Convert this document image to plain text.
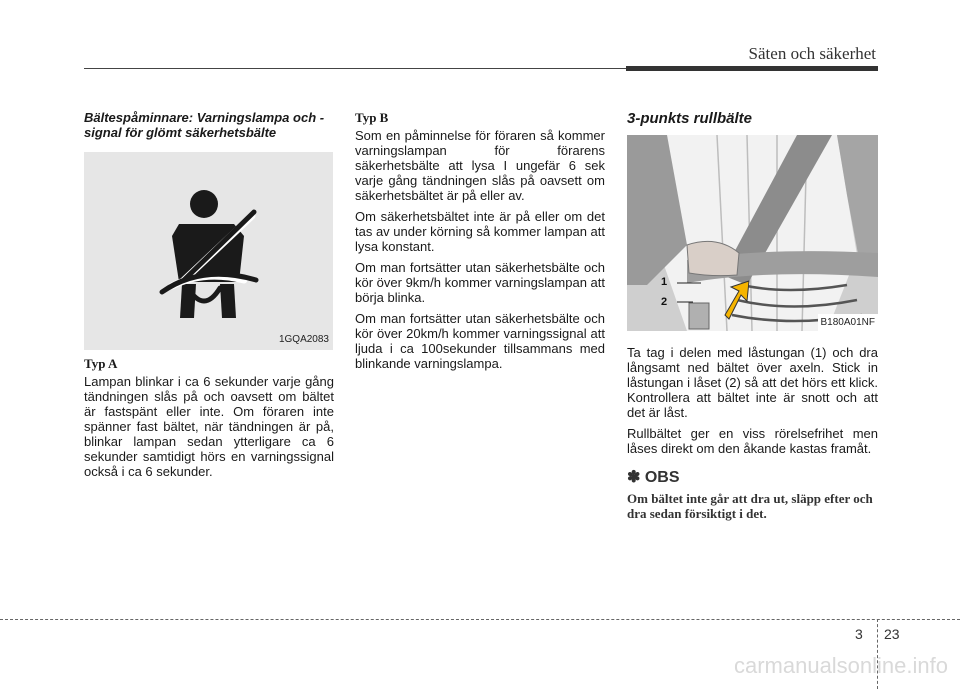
Säten och säkerhet
Bältespåminnare: Varningslampa och -signal för glömt säkerhetsbälte
1GQA2083
Typ A

Lampan blinkar i ca 6 sekunder varje gång tändningen slås på och oavsett om bältet är fastspänt eller inte. Om föraren inte spänner fast bältet, när tändningen är på, blinkar lampan sedan ytterligare ca 6 sekunder samtidigt hörs en varningssignal också i ca 6 sekunder.

Typ B

Som en påminnelse för föraren så kommer varningslampan för förarens säkerhetsbälte att lysa I ungefär 6 sek varje gång tändningen slås på oavsett om säkerhetsbältet är på eller av.

Om säkerhetsbältet inte är på eller om det tas av under körning så kommer lampan att lysa konstant.

Om man fortsätter utan säkerhetsbälte och kör över 9km/h kommer varningslampan att börja blinka.

Om man fortsätter utan säkerhetsbälte och kör över 20km/h kommer varningssignal att ljuda i ca 100sekunder tillsammans med blinkande varningslampa.

3-punkts rullbälte
1
2
B180A01NF

Ta tag i delen med låstungan (1) och dra långsamt ned bältet över axeln. Stick in låstungan i låset (2) så att det hörs ett klick. Kontrollera att bältet inte är snott och att det är låst.

Rullbältet ger en viss rörelsefrihet men låses direkt om den åkande kastas framåt.

✽ OBS

Om bältet inte går att dra ut, släpp efter och dra sedan försiktigt i det.

3 23
carmanualsonline.info
